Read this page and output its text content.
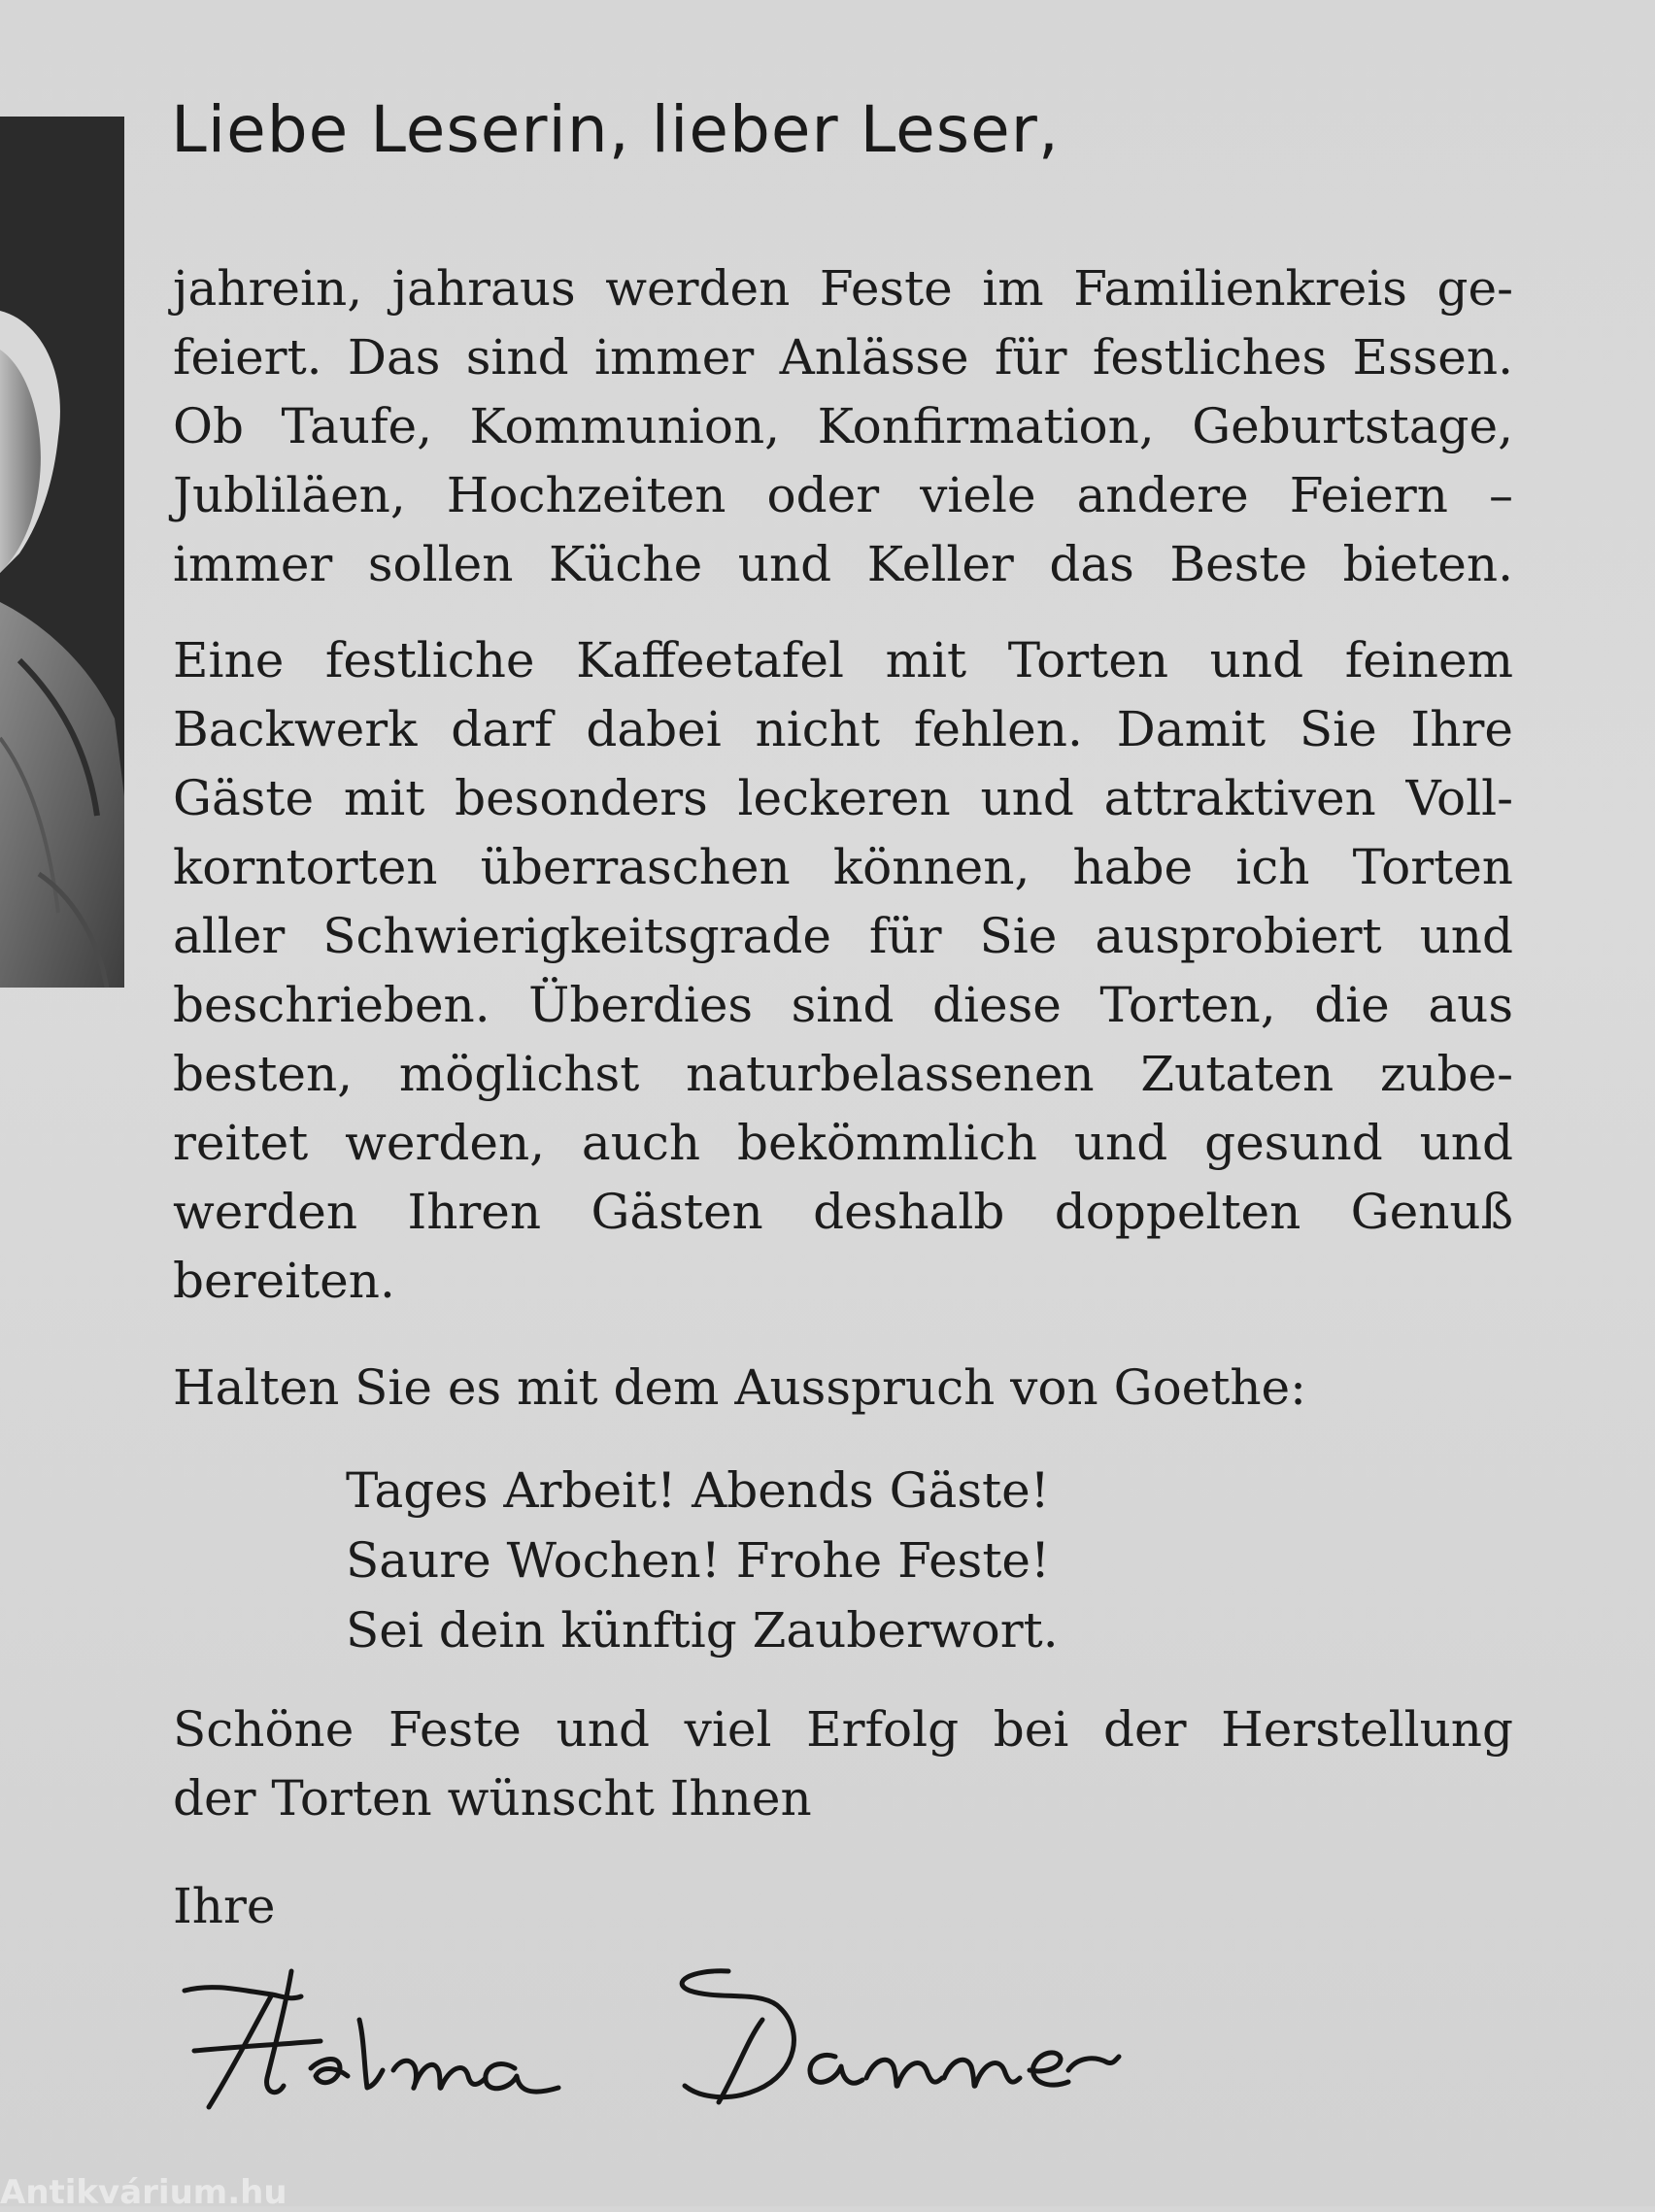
Liebe Leserin, lieber Leser,
jahrein, jahraus werden Feste im Familienkreis ge-
feiert. Das sind immer Anlässe für festliches Essen.
Ob Taufe, Kommunion, Konfirmation, Geburtstage,
Jubliläen, Hochzeiten oder viele andere Feiern –
immer sollen Küche und Keller das Beste bieten.
Eine festliche Kaffeetafel mit Torten und feinem
Backwerk darf dabei nicht fehlen. Damit Sie Ihre
Gäste mit besonders leckeren und attraktiven Voll-
korntorten überraschen können, habe ich Torten
aller Schwierigkeitsgrade für Sie ausprobiert und
beschrieben. Überdies sind diese Torten, die aus
besten, möglichst naturbelassenen Zutaten zube-
reitet werden, auch bekömmlich und gesund und
werden Ihren Gästen deshalb doppelten Genuß
bereiten.
Halten Sie es mit dem Ausspruch von Goethe:
Tages Arbeit! Abends Gäste!
Saure Wochen! Frohe Feste!
Sei dein künftig Zauberwort.
Schöne Feste und viel Erfolg bei der Herstellung
der Torten wünscht Ihnen
Ihre
Antikvárium.hu
